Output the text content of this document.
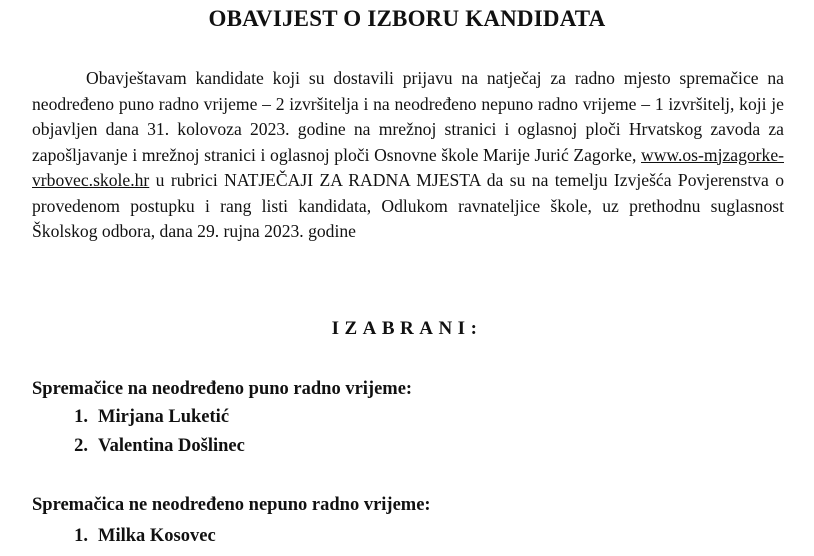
OBAVIJEST O IZBORU KANDIDATA

Obavještavam kandidate koji su dostavili prijavu na natječaj za radno mjesto spremačice na neodređeno puno radno vrijeme – 2 izvršitelja i na neodređeno nepuno radno vrijeme – 1 izvršitelj, koji je objavljen dana 31. kolovoza 2023. godine na mrežnoj stranici i oglasnoj ploči Hrvatskog zavoda za zapošljavanje i mrežnoj stranici i oglasnoj ploči Osnovne škole Marije Jurić Zagorke, www.os-mjzagorke-vrbovec.skole.hr u rubrici NATJEČAJI ZA RADNA MJESTA da su na temelju Izvješća Povjerenstva o provedenom postupku i rang listi kandidata, Odlukom ravnateljice škole, uz prethodnu suglasnost Školskog odbora, dana 29. rujna 2023. godine

IZABRANI:

Spremačice na neodređeno puno radno vrijeme:

1. Mirjana Luketić
2. Valentina Došlinec

Spremačica ne neodređeno nepuno radno vrijeme:

1. Milka Kosovec
